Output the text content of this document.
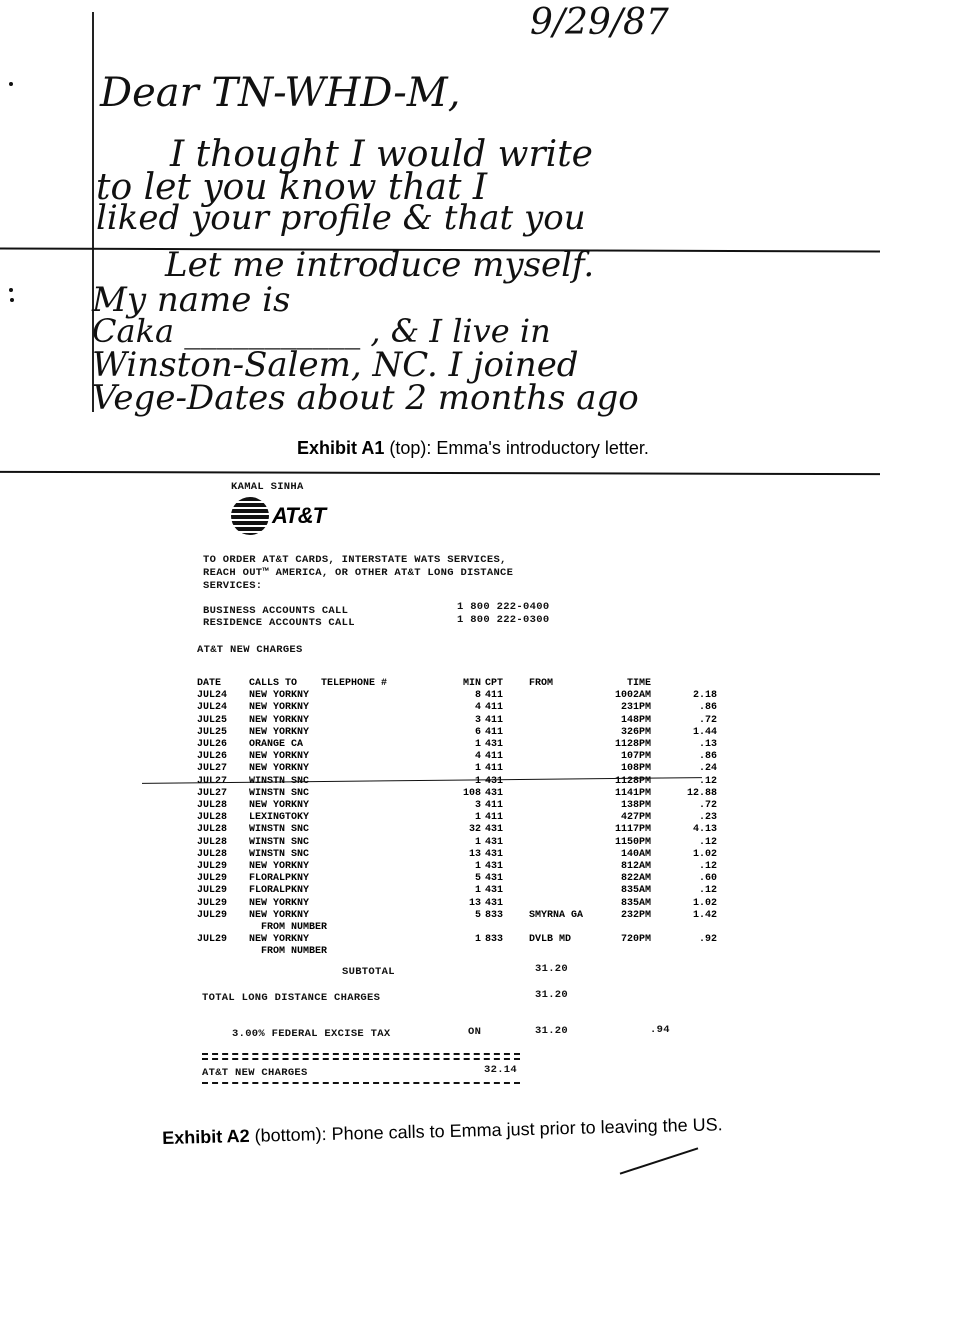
9/29/87
Dear TN-WHD-M,
I thought I would write
to let you know that I
liked your profile & that you
Let me introduce myself.
My name is
Caka ___________ , & I live in
Winston-Salem, NC. I joined
Vege-Dates about 2 months ago
Exhibit A1 (top): Emma's introductory letter.
KAMAL SINHA
AT&T
TO ORDER AT&T CARDS, INTERSTATE WATS SERVICES,
REACH OUT™ AMERICA, OR OTHER AT&T LONG DISTANCE
SERVICES:
BUSINESS ACCOUNTS CALL	1 800 222-0400
RESIDENCE ACCOUNTS CALL	1 800 222-0300
AT&T NEW CHARGES
DATE	CALLS TO TELEPHONE #	MIN	CPT	FROM	TIME	
JUL24	NEW YORKNY	8	411		1002AM	2.18
JUL24	NEW YORKNY	4	411		231PM	.86
JUL25	NEW YORKNY	3	411		148PM	.72
JUL25	NEW YORKNY	6	411		326PM	1.44
JUL26	ORANGE CA	1	431		1128PM	.13
JUL26	NEW YORKNY	4	411		107PM	.86
JUL27	NEW YORKNY	1	411		108PM	.24
JUL27		1	431		1128PM	.12
JUL27	WINSTN SNC	108	431		1141PM	12.88
JUL28	NEW YORKNY	3	411		138PM	.72
JUL28	LEXINGTOKY	1	411		427PM	.23
JUL28	WINSTN SNC	32	431		1117PM	4.13
JUL28	WINSTN SNC	1	431		1150PM	.12
JUL28	WINSTN SNC	13	431		140AM	1.02
JUL29	NEW YORKNY	1	431		812AM	.12
JUL29	FLORALPKNY	5	431		822AM	.60
JUL29	FLORALPKNY	1	431		835AM	.12
JUL29	NEW YORKNY	13	431		835AM	1.02
JUL29	NEW YORKNY	5	833	SMYRNA GA	232PM	1.42
	FROM NUMBER					
JUL29	NEW YORKNY	1	833	DVLB MD	720PM	.92
	FROM NUMBER					
SUBTOTAL	31.20
TOTAL LONG DISTANCE CHARGES	31.20
3.00% FEDERAL EXCISE TAX	ON	31.20	.94
AT&T NEW CHARGES	32.14
Exhibit A2 (bottom): Phone calls to Emma just prior to leaving the US.
